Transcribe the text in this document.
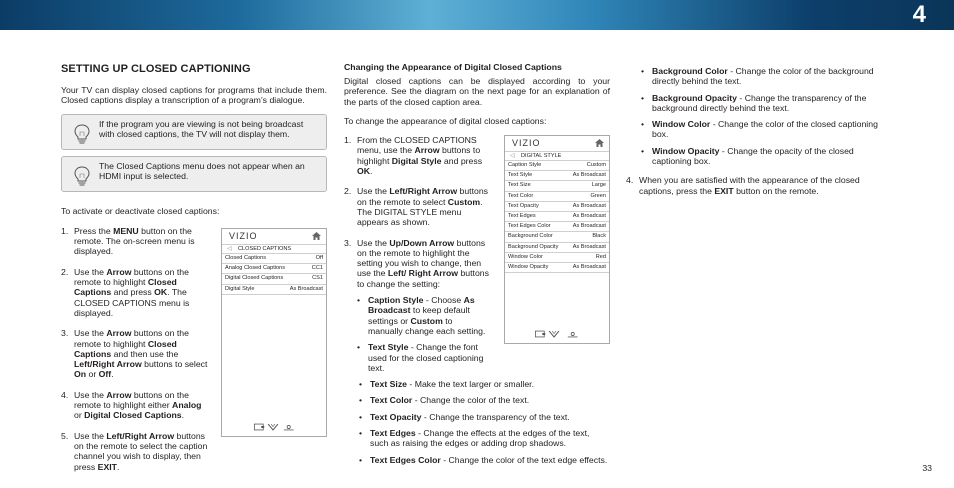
4
SETTING UP CLOSED CAPTIONING

Your TV can display closed captions for programs that include them. Closed captions display a transcription of a program’s dialogue.

If the program you are viewing is not being broadcast with closed captions, the TV will not display them.
The Closed Captions menu does not appear when an HDMI input is selected.

To activate or deactivate closed captions:

1. Press the MENU button on the remote. The on-screen menu is displayed.
2. Use the Arrow buttons on the remote to highlight Closed Captions and press OK. The CLOSED CAPTIONS menu is displayed.
3. Use the Arrow buttons on the remote to highlight Closed Captions and then use the Left/Right Arrow buttons to select On or Off.
4. Use the Arrow buttons on the remote to highlight either Analog or Digital Closed Captions.
5. Use the Left/Right Arrow buttons on the remote to select the caption channel you wish to display, then press EXIT.
VIZIO
◁ CLOSED CAPTIONS
Closed Captions	Off
Analog Closed Captions	CC1
Digital Closed Captions	CS1
Digital Style	As Broadcast
Changing the Appearance of Digital Closed Captions

Digital closed captions can be displayed according to your preference. See the diagram on the next page for an explanation of the parts of the closed caption area.

To change the appearance of digital closed captions:

1. From the CLOSED CAPTIONS menu, use the Arrow buttons to highlight Digital Style and press OK.
2. Use the Left/Right Arrow buttons on the remote to select Custom. The DIGITAL STYLE menu appears as shown.
3. Use the Up/Down Arrow buttons on the remote to highlight the setting you wish to change, then use the Left/ Right Arrow buttons to change the setting:
• Caption Style - Choose As Broadcast to keep default settings or Custom to manually change each setting.
• Text Style - Change the font used for the closed captioning text.
• Text Size - Make the text larger or smaller.
• Text Color - Change the color of the text.
• Text Opacity - Change the transparency of the text.
• Text Edges - Change the effects at the edges of the text, such as raising the edges or adding drop shadows.
• Text Edges Color - Change the color of the text edge effects.
VIZIO
◁ DIGITAL STYLE
Caption Style	Custom
Text Style	As Broadcast
Text Size	Large
Text Color	Green
Text Opacity	As Broadcast
Text Edges	As Broadcast
Text Edges Color	As Broadcast
Background Color	Black
Background Opacity	As Broadcast
Window Color	Red
Window Opacity	As Broadcast
• Background Color - Change the color of the background directly behind the text.
• Background Opacity - Change the transparency of the background directly behind the text.
• Window Color - Change the color of the closed captioning box.
• Window Opacity - Change the opacity of the closed captioning box.
4. When you are satisfied with the appearance of the closed captions, press the EXIT button on the remote.
33
